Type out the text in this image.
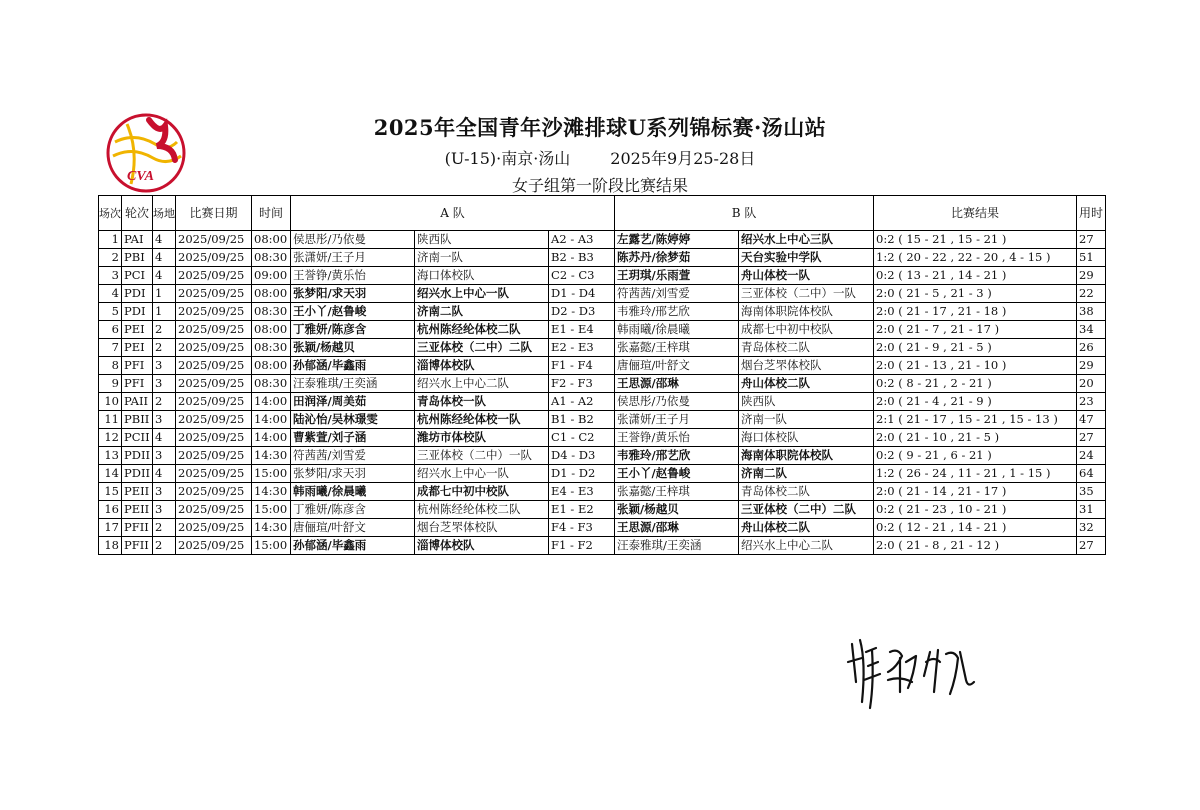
CVA
2025年全国青年沙滩排球U系列锦标赛·汤山站
(U-15)·南京·汤山	2025年9月25-28日
女子组第一阶段比赛结果
场次	轮次	场地	比赛日期	时间	A 队			B 队		比赛结果	用时
1	PAI	4	2025/09/25	08:00	侯思彤/乃依曼	陕西队	A2 - A3	左露艺/陈婷婷	绍兴水上中心三队	0:2 ( 15 - 21 , 15 - 21 )	27
2	PBI	4	2025/09/25	08:30	张潇妍/王子月	济南一队	B2 - B3	陈苏丹/徐梦茹	天台实验中学队	1:2 ( 20 - 22 , 22 - 20 , 4 - 15 )	51
3	PCI	4	2025/09/25	09:00	王誉铮/黄乐怡	海口体校队	C2 - C3	王玥琪/乐雨萱	舟山体校一队	0:2 ( 13 - 21 , 14 - 21 )	29
4	PDI	1	2025/09/25	08:00	张梦阳/求天羽	绍兴水上中心一队	D1 - D4	符茜茜/刘雪爱	三亚体校（二中）一队	2:0 ( 21 - 5 , 21 - 3 )	22
5	PDI	1	2025/09/25	08:30	王小丫/赵鲁峻	济南二队	D2 - D3	韦雅玲/邢艺欣	海南体职院体校队	2:0 ( 21 - 17 , 21 - 18 )	38
6	PEI	2	2025/09/25	08:00	丁雅妍/陈彦含	杭州陈经纶体校二队	E1 - E4	韩雨曦/徐晨曦	成都七中初中校队	2:0 ( 21 - 7 , 21 - 17 )	34
7	PEI	2	2025/09/25	08:30	张颖/杨越贝	三亚体校（二中）二队	E2 - E3	张嘉懿/王梓琪	青岛体校二队	2:0 ( 21 - 9 , 21 - 5 )	26
8	PFI	3	2025/09/25	08:00	孙郁涵/毕鑫雨	淄博体校队	F1 - F4	唐俪瑄/叶舒文	烟台芝罘体校队	2:0 ( 21 - 13 , 21 - 10 )	29
9	PFI	3	2025/09/25	08:30	汪泰雅琪/王奕涵	绍兴水上中心二队	F2 - F3	王思源/邵琳	舟山体校二队	0:2 ( 8 - 21 , 2 - 21 )	20
10	PAII	2	2025/09/25	14:00	田润泽/周美茹	青岛体校一队	A1 - A2	侯思彤/乃依曼	陕西队	2:0 ( 21 - 4 , 21 - 9 )	23
11	PBII	3	2025/09/25	14:00	陆沁怡/吴林璟雯	杭州陈经纶体校一队	B1 - B2	张潇妍/王子月	济南一队	2:1 ( 21 - 17 , 15 - 21 , 15 - 13 )	47
12	PCII	4	2025/09/25	14:00	曹紫萱/刘子涵	潍坊市体校队	C1 - C2	王誉铮/黄乐怡	海口体校队	2:0 ( 21 - 10 , 21 - 5 )	27
13	PDII	3	2025/09/25	14:30	符茜茜/刘雪爱	三亚体校（二中）一队	D4 - D3	韦雅玲/邢艺欣	海南体职院体校队	0:2 ( 9 - 21 , 6 - 21 )	24
14	PDII	4	2025/09/25	15:00	张梦阳/求天羽	绍兴水上中心一队	D1 - D2	王小丫/赵鲁峻	济南二队	1:2 ( 26 - 24 , 11 - 21 , 1 - 15 )	64
15	PEII	3	2025/09/25	14:30	韩雨曦/徐晨曦	成都七中初中校队	E4 - E3	张嘉懿/王梓琪	青岛体校二队	2:0 ( 21 - 14 , 21 - 17 )	35
16	PEII	3	2025/09/25	15:00	丁雅妍/陈彦含	杭州陈经纶体校二队	E1 - E2	张颖/杨越贝	三亚体校（二中）二队	0:2 ( 21 - 23 , 10 - 21 )	31
17	PFII	2	2025/09/25	14:30	唐俪瑄/叶舒文	烟台芝罘体校队	F4 - F3	王思源/邵琳	舟山体校二队	0:2 ( 12 - 21 , 14 - 21 )	32
18	PFII	2	2025/09/25	15:00	孙郁涵/毕鑫雨	淄博体校队	F1 - F2	汪泰雅琪/王奕涵	绍兴水上中心二队	2:0 ( 21 - 8 , 21 - 12 )	27
